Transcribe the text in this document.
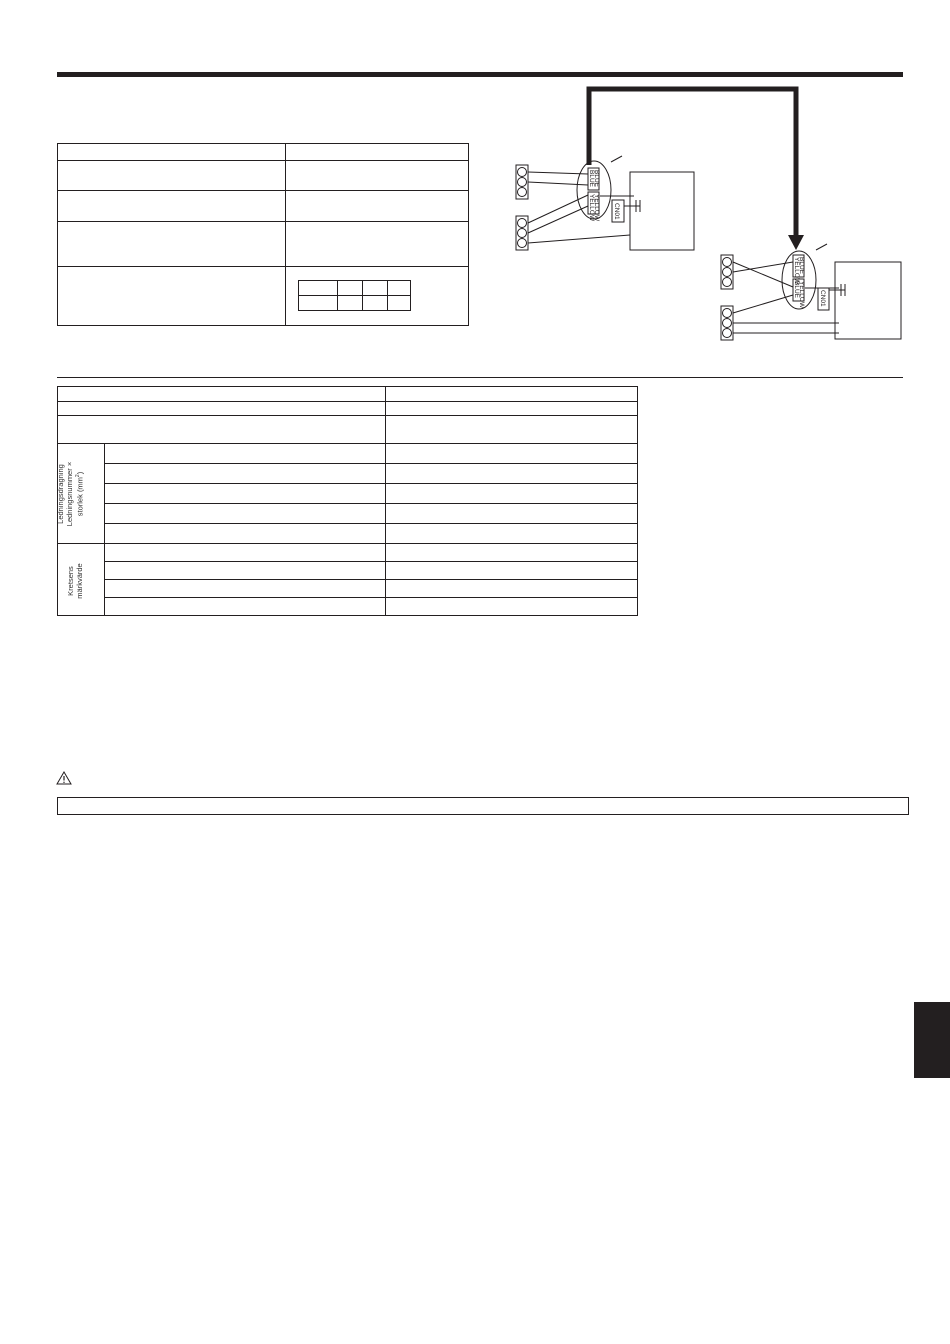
BLUE
BLUE
YELLOW
YELLOW	CN01
BLUE
YELLOW
YELLOW
BLUE
CN01

Ledningsdragning Ledningsnummer × storlek $(mm^2)$
Kretsens märkvärde
